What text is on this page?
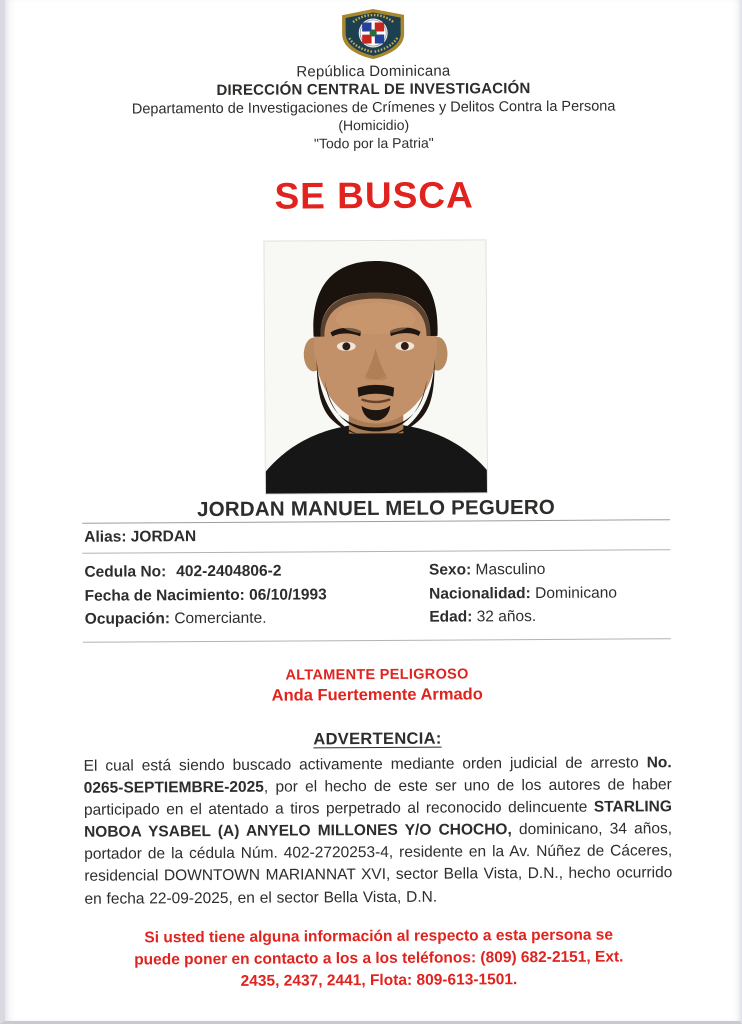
República Dominicana
DIRECCIÓN CENTRAL DE INVESTIGACIÓN
Departamento de Investigaciones de Crímenes y Delitos Contra la Persona
(Homicidio)
"Todo por la Patria"
SE BUSCA
JORDAN MANUEL MELO PEGUERO
Alias: JORDAN
Cedula No: 402-2404806-2
Fecha de Nacimiento: 06/10/1993
Ocupación: Comerciante.
Sexo: Masculino
Nacionalidad: Dominicano
Edad: 32 años.
ALTAMENTE PELIGROSO
Anda Fuertemente Armado
ADVERTENCIA:
El cual está siendo buscado activamente mediante orden judicial de arresto No. 0265-SEPTIEMBRE-2025, por el hecho de este ser uno de los autores de haber participado en el atentado a tiros perpetrado al reconocido delincuente STARLING NOBOA YSABEL (A) ANYELO MILLONES Y/O CHOCHO, dominicano, 34 años, portador de la cédula Núm. 402-2720253-4, residente en la Av. Núñez de Cáceres, residencial DOWNTOWN MARIANNAT XVI, sector Bella Vista, D.N., hecho ocurrido en fecha 22-09-2025, en el sector Bella Vista, D.N.
Si usted tiene alguna información al respecto a esta persona se puede poner en contacto a los a los teléfonos: (809) 682-2151, Ext. 2435, 2437, 2441, Flota: 809-613-1501.
